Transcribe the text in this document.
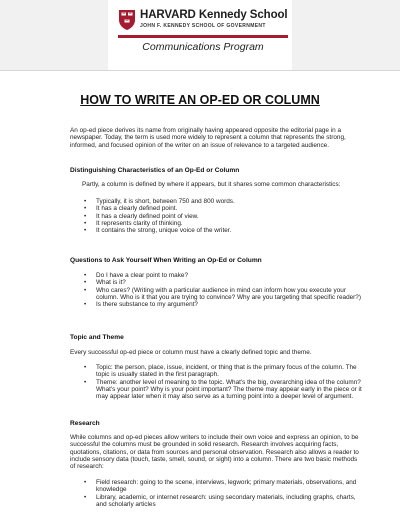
HARVARD Kennedy School
JOHN F. KENNEDY SCHOOL OF GOVERNMENT
Communications Program
HOW TO WRITE AN OP-ED OR COLUMN

An op-ed piece derives its name from originally having appeared opposite the editorial page in a newspaper. Today, the term is used more widely to represent a column that represents the strong, informed, and focused opinion of the writer on an issue of relevance to a targeted audience.

Distinguishing Characteristics of an Op-Ed or Column

Partly, a column is defined by where it appears, but it shares some common characteristics:

• Typically, it is short, between 750 and 800 words.
• It has a clearly defined point.
• It has a clearly defined point of view.
• It represents clarity of thinking.
• It contains the strong, unique voice of the writer.
Questions to Ask Yourself When Writing an Op-Ed or Column
• Do I have a clear point to make?
• What is it?
• Who cares? (Writing with a particular audience in mind can inform how you execute your column. Who is it that you are trying to convince? Why are you targeting that specific reader?)
• Is there substance to my argument?
Topic and Theme

Every successful op-ed piece or column must have a clearly defined topic and theme.

• Topic: the person, place, issue, incident, or thing that is the primary focus of the column. The topic is usually stated in the first paragraph.
• Theme: another level of meaning to the topic. What's the big, overarching idea of the column? What's your point? Why is your point important? The theme may appear early in the piece or it may appear later when it may also serve as a turning point into a deeper level of argument.
Research

While columns and op-ed pieces allow writers to include their own voice and express an opinion, to be successful the columns must be grounded in solid research. Research involves acquiring facts, quotations, citations, or data from sources and personal observation. Research also allows a reader to include sensory data (touch, taste, smell, sound, or sight) into a column. There are two basic methods of research:

• Field research: going to the scene, interviews, legwork; primary materials, observations, and knowledge
• Library, academic, or internet research: using secondary materials, including graphs, charts, and scholarly articles
